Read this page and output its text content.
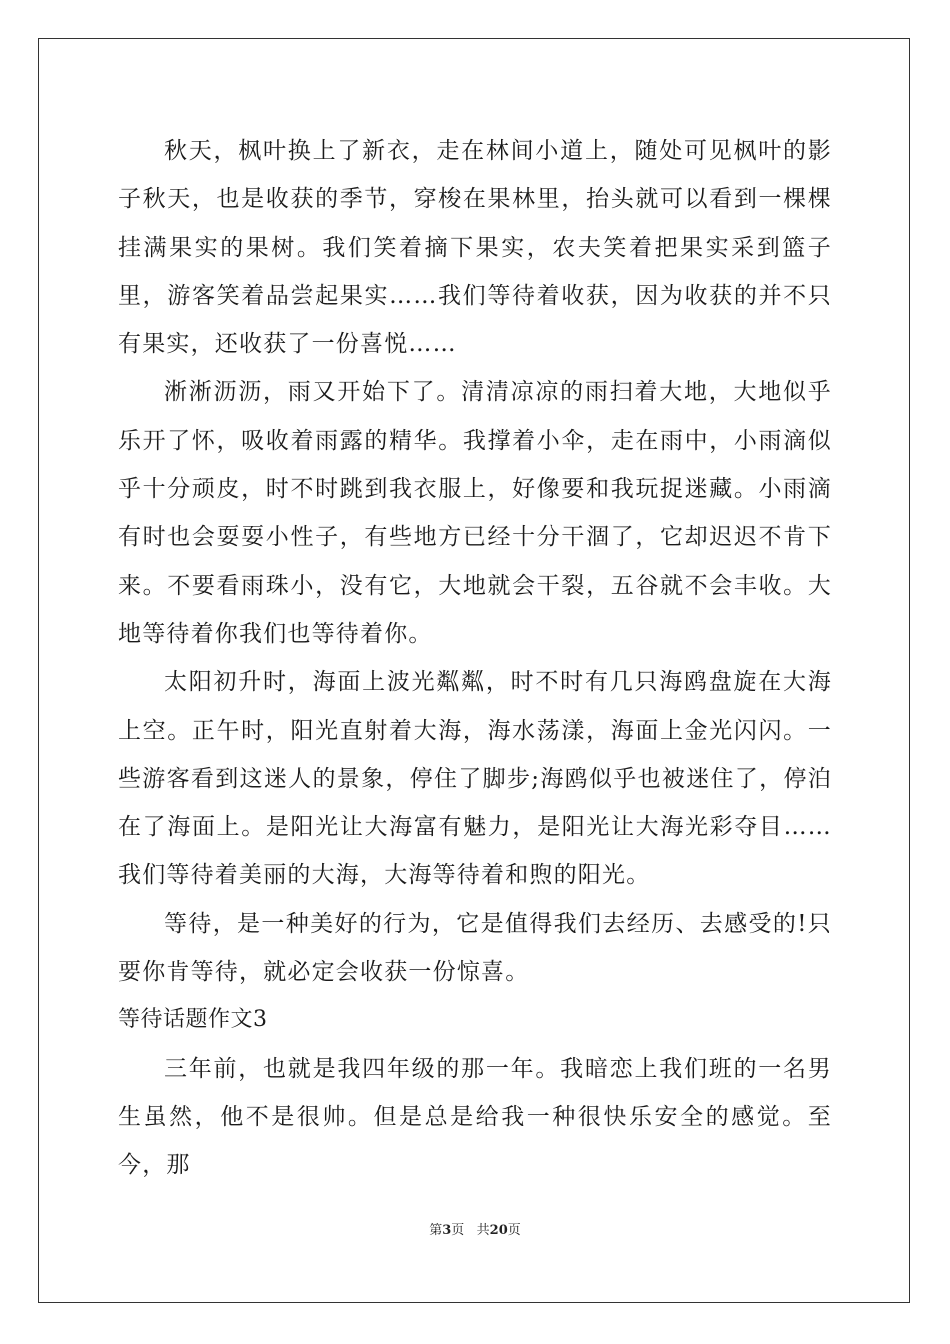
秋天，枫叶换上了新衣，走在林间小道上，随处可见枫叶的影子秋天，也是收获的季节，穿梭在果林里，抬头就可以看到一棵棵挂满果实的果树。我们笑着摘下果实，农夫笑着把果实采到篮子里，游客笑着品尝起果实……我们等待着收获，因为收获的并不只有果实，还收获了一份喜悦……

淅淅沥沥，雨又开始下了。清清凉凉的雨扫着大地，大地似乎乐开了怀，吸收着雨露的精华。我撑着小伞，走在雨中，小雨滴似乎十分顽皮，时不时跳到我衣服上，好像要和我玩捉迷藏。小雨滴有时也会耍耍小性子，有些地方已经十分干涸了，它却迟迟不肯下来。不要看雨珠小，没有它，大地就会干裂，五谷就不会丰收。大地等待着你我们也等待着你。

太阳初升时，海面上波光粼粼，时不时有几只海鸥盘旋在大海上空。正午时，阳光直射着大海，海水荡漾，海面上金光闪闪。一些游客看到这迷人的景象，停住了脚步;海鸥似乎也被迷住了，停泊在了海面上。是阳光让大海富有魅力，是阳光让大海光彩夺目……我们等待着美丽的大海，大海等待着和煦的阳光。

等待，是一种美好的行为，它是值得我们去经历、去感受的!只要你肯等待，就必定会收获一份惊喜。

等待话题作文3

三年前，也就是我四年级的那一年。我暗恋上我们班的一名男生虽然，他不是很帅。但是总是给我一种很快乐安全的感觉。至今，那

第3页   共20页
